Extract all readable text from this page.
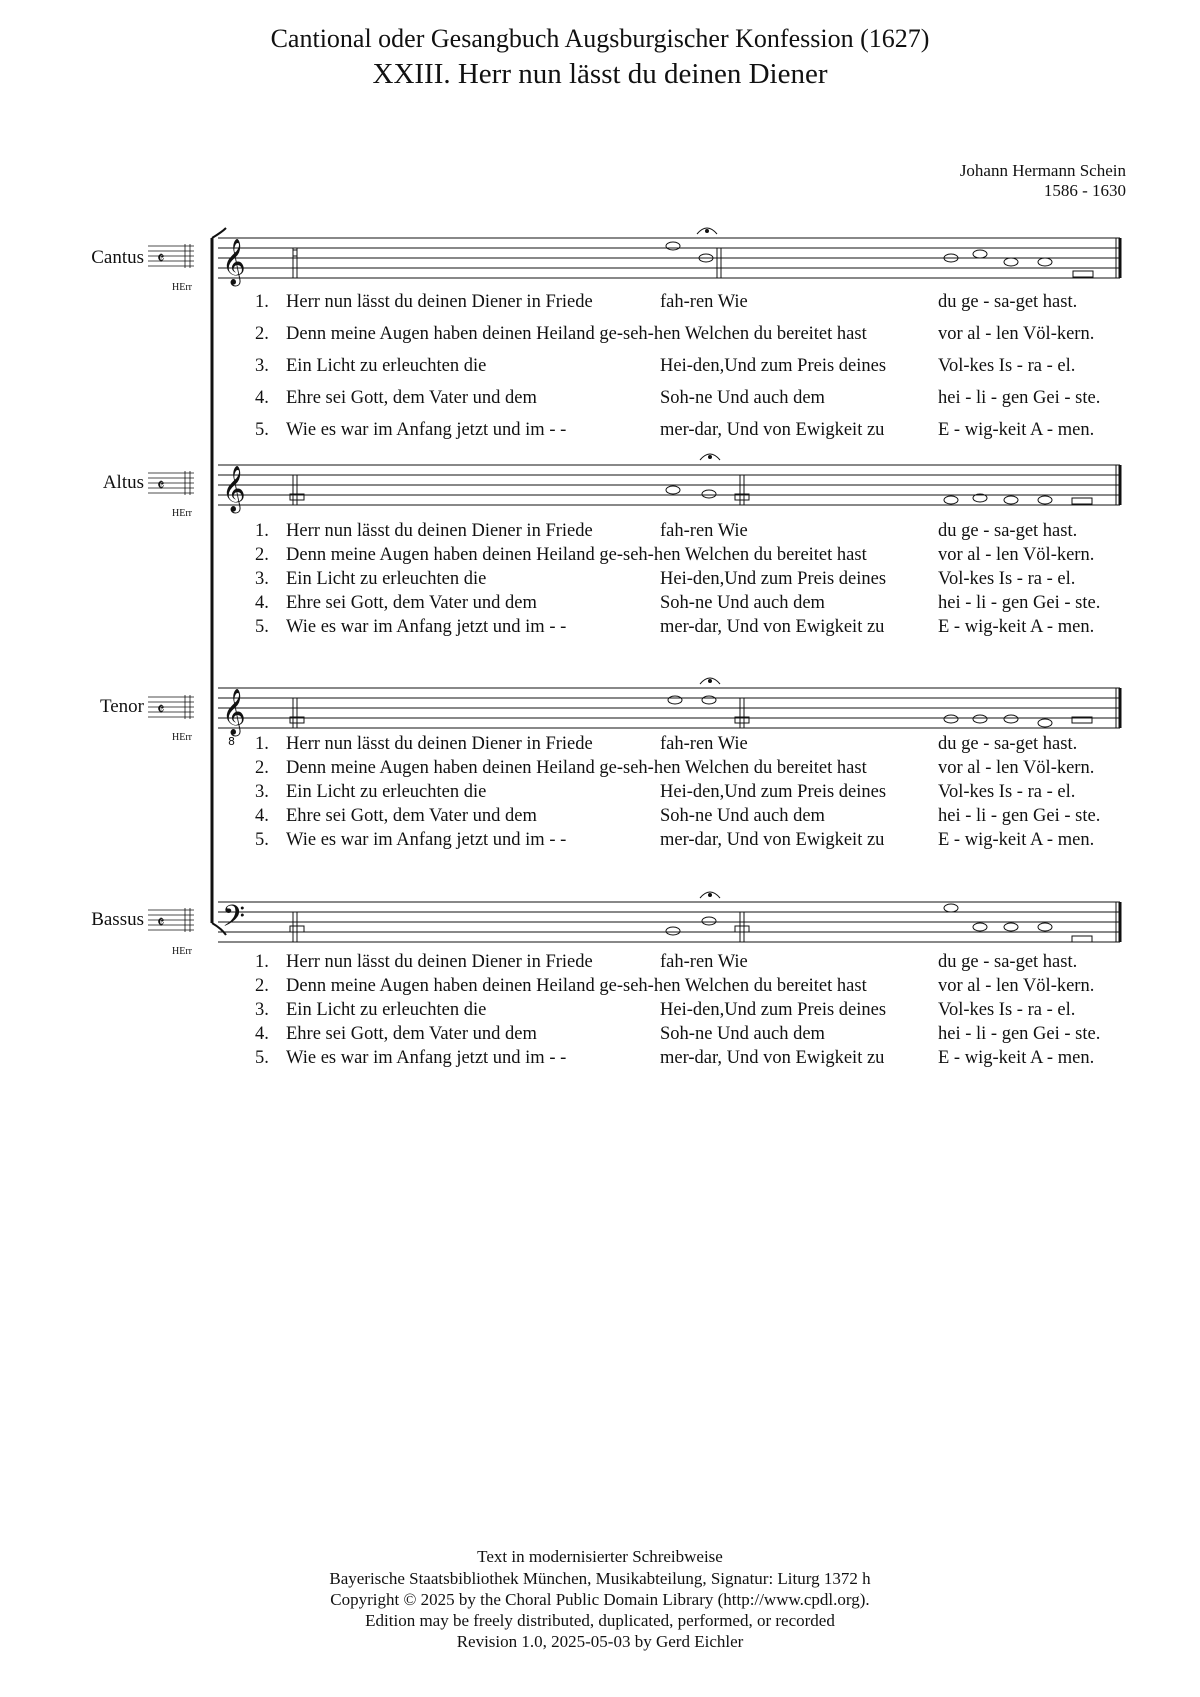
Cantional oder Gesangbuch Augsburgischer Konfession (1627)
XXIII. Herr nun lässt du deinen Diener
Johann Hermann Schein
1586 - 1630
𝄞
𝄞
𝄞
8
𝄢
𝄵
𝄵
𝄵
𝄵
Cantus
Altus
Tenor
Bassus
HErr
HErr
HErr
HErr
1. Herr nun lässt du deinen Diener in Friede	fah-ren Wie	du ge - sa-get hast.
2. Denn meine Augen haben deinen Heiland ge-seh-hen Welchen du bereitet hast	vor al - len Völ-kern.
3. Ein Licht zu erleuchten die	Hei-den,Und zum Preis deines	Vol-kes Is - ra - el.
4. Ehre sei Gott, dem Vater und dem	Soh-ne Und auch dem	hei - li - gen Gei - ste.
5. Wie es war im Anfang jetzt und im - -	mer-dar, Und von Ewigkeit zu	E - wig-keit A - men.
1. Herr nun lässt du deinen Diener in Friede	fah-ren Wie	du ge - sa-get hast.
2. Denn meine Augen haben deinen Heiland ge-seh-hen Welchen du bereitet hast	vor al - len Völ-kern.
3. Ein Licht zu erleuchten die	Hei-den,Und zum Preis deines	Vol-kes Is - ra - el.
4. Ehre sei Gott, dem Vater und dem	Soh-ne Und auch dem	hei - li - gen Gei - ste.
5. Wie es war im Anfang jetzt und im - -	mer-dar, Und von Ewigkeit zu	E - wig-keit A - men.
1. Herr nun lässt du deinen Diener in Friede	fah-ren Wie	du ge - sa-get hast.
2. Denn meine Augen haben deinen Heiland ge-seh-hen Welchen du bereitet hast	vor al - len Völ-kern.
3. Ein Licht zu erleuchten die	Hei-den,Und zum Preis deines	Vol-kes Is - ra - el.
4. Ehre sei Gott, dem Vater und dem	Soh-ne Und auch dem	hei - li - gen Gei - ste.
5. Wie es war im Anfang jetzt und im - -	mer-dar, Und von Ewigkeit zu	E - wig-keit A - men.
1. Herr nun lässt du deinen Diener in Friede	fah-ren Wie	du ge - sa-get hast.
2. Denn meine Augen haben deinen Heiland ge-seh-hen Welchen du bereitet hast	vor al - len Völ-kern.
3. Ein Licht zu erleuchten die	Hei-den,Und zum Preis deines	Vol-kes Is - ra - el.
4. Ehre sei Gott, dem Vater und dem	Soh-ne Und auch dem	hei - li - gen Gei - ste.
5. Wie es war im Anfang jetzt und im - -	mer-dar, Und von Ewigkeit zu	E - wig-keit A - men.
Text in modernisierter Schreibweise
Bayerische Staatsbibliothek München, Musikabteilung, Signatur: Liturg 1372 h
Copyright © 2025 by the Choral Public Domain Library (http://www.cpdl.org).
Edition may be freely distributed, duplicated, performed, or recorded
Revision 1.0, 2025-05-03 by Gerd Eichler
